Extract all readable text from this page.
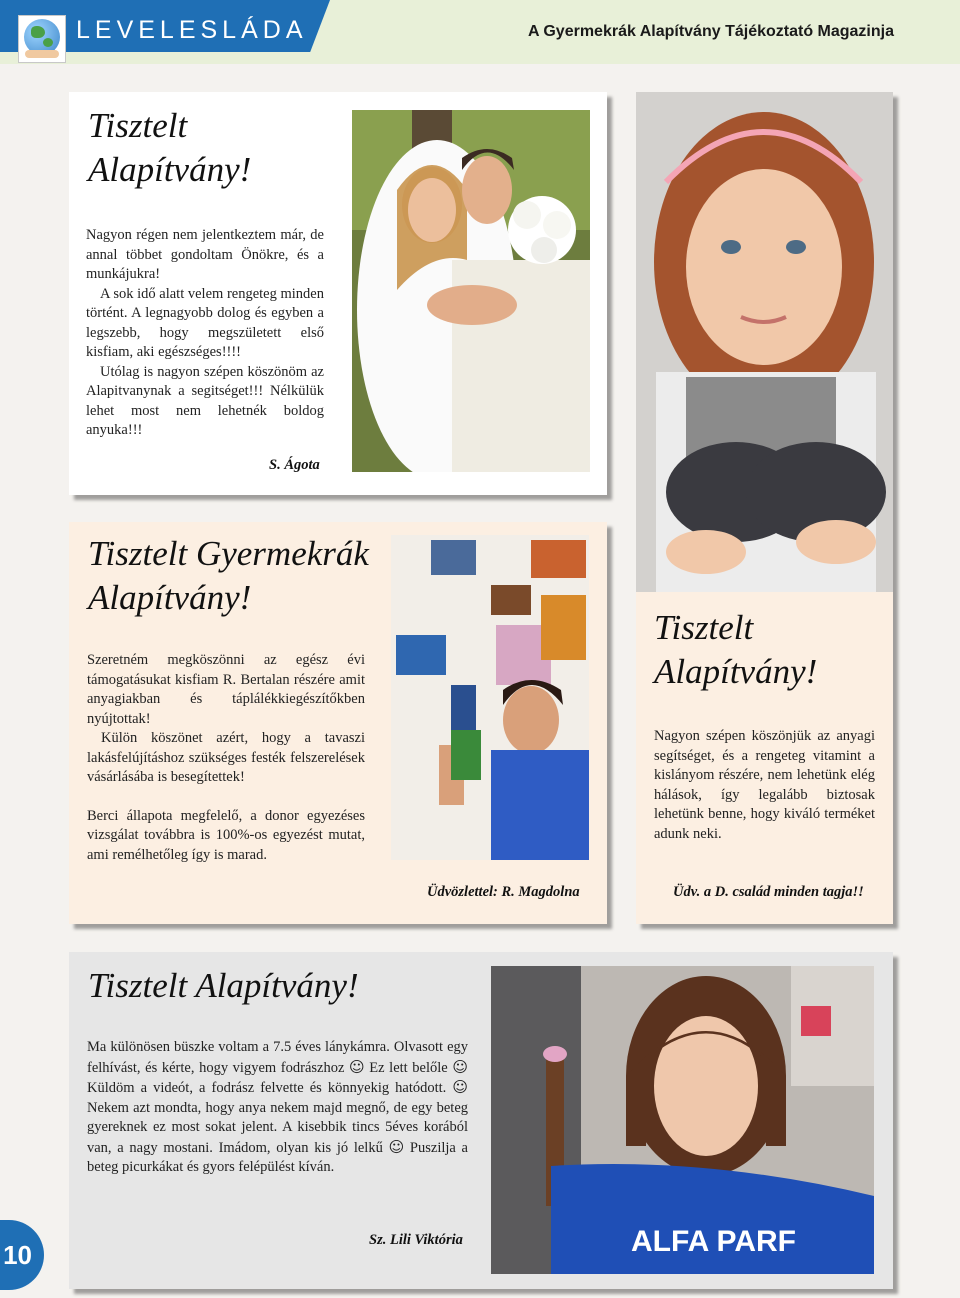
LEVELESLÁDA	A Gyermekrák Alapítvány Tájékoztató Magazinja
Tisztelt
Alapítvány!

Nagyon régen nem jelentkeztem már, de annal többet gondoltam Önökre, és a munkájukra!

A sok idő alatt velem rengeteg minden történt. A legnagyobb dolog és egyben a legszebb, hogy megszületett első kisfiam, aki egészséges!!!!

Utólag is nagyon szépen köszönöm az Alapitvanynak a segitséget!!! Nélkülük lehet most nem lehetnék boldog anyuka!!!

S. Ágota
Tisztelt Gyermekrák
Alapítvány!

Szeretném megköszönni az egész évi támogatásukat kisfiam R. Bertalan részére amit anyagiakban és táplálékkiegészítőkben nyújtottak!

Külön köszönet azért, hogy a tavaszi lakásfelújításhoz szükséges festék felszerelések vásárlásába is besegítettek!

Berci állapota megfelelő, a donor egyezéses vizsgálat továbbra is 100%-os egyezést mutat, ami remélhetőleg így is marad.

Üdvözlettel: R. Magdolna
Tisztelt
Alapítvány!

Nagyon szépen köszönjük az anyagi segítséget, és a rengeteg vitamint a kislányom részére, nem lehetünk elég hálások, így legalább biztosak lehetünk benne, hogy kiváló terméket adunk neki.

Üdv. a D. család minden tagja!!
Tisztelt Alapítvány!

Ma különösen büszke voltam a 7.5 éves lánykámra. Olvasott egy felhívást, és kérte, hogy vigyem fodrászhoz ☺ Ez lett belőle ☺ Küldöm a videót, a fodrász felvette és könnyekig hatódott. ☺ Nekem azt mondta, hogy anya nekem majd megnő, de egy beteg gyereknek ez most sokat jelent. A kisebbik tincs 5éves korából van, a nagy mostani. Imádom, olyan kis jó lelkű ☺ Puszilja a beteg picurkákat és gyors felépülést kíván.

Sz. Lili Viktória	ALFA PARF
10
